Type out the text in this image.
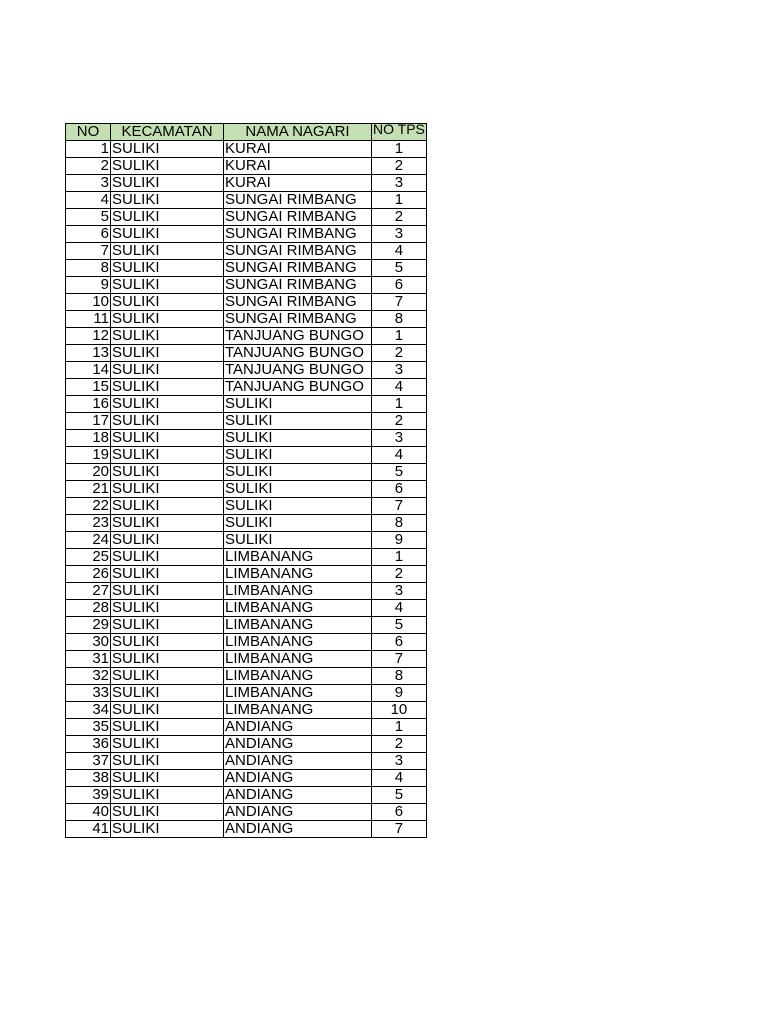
NO	KECAMATAN	NAMA NAGARI	NO TPS

1	SULIKI	KURAI	1
2	SULIKI	KURAI	2
3	SULIKI	KURAI	3
4	SULIKI	SUNGAI RIMBANG	1
5	SULIKI	SUNGAI RIMBANG	2
6	SULIKI	SUNGAI RIMBANG	3
7	SULIKI	SUNGAI RIMBANG	4
8	SULIKI	SUNGAI RIMBANG	5
9	SULIKI	SUNGAI RIMBANG	6
10	SULIKI	SUNGAI RIMBANG	7
11	SULIKI	SUNGAI RIMBANG	8
12	SULIKI	TANJUANG BUNGO	1
13	SULIKI	TANJUANG BUNGO	2
14	SULIKI	TANJUANG BUNGO	3
15	SULIKI	TANJUANG BUNGO	4
16	SULIKI	SULIKI	1
17	SULIKI	SULIKI	2
18	SULIKI	SULIKI	3
19	SULIKI	SULIKI	4
20	SULIKI	SULIKI	5
21	SULIKI	SULIKI	6
22	SULIKI	SULIKI	7
23	SULIKI	SULIKI	8
24	SULIKI	SULIKI	9
25	SULIKI	LIMBANANG	1
26	SULIKI	LIMBANANG	2
27	SULIKI	LIMBANANG	3
28	SULIKI	LIMBANANG	4
29	SULIKI	LIMBANANG	5
30	SULIKI	LIMBANANG	6
31	SULIKI	LIMBANANG	7
32	SULIKI	LIMBANANG	8
33	SULIKI	LIMBANANG	9
34	SULIKI	LIMBANANG	10
35	SULIKI	ANDIANG	1
36	SULIKI	ANDIANG	2
37	SULIKI	ANDIANG	3
38	SULIKI	ANDIANG	4
39	SULIKI	ANDIANG	5
40	SULIKI	ANDIANG	6
41	SULIKI	ANDIANG	7
